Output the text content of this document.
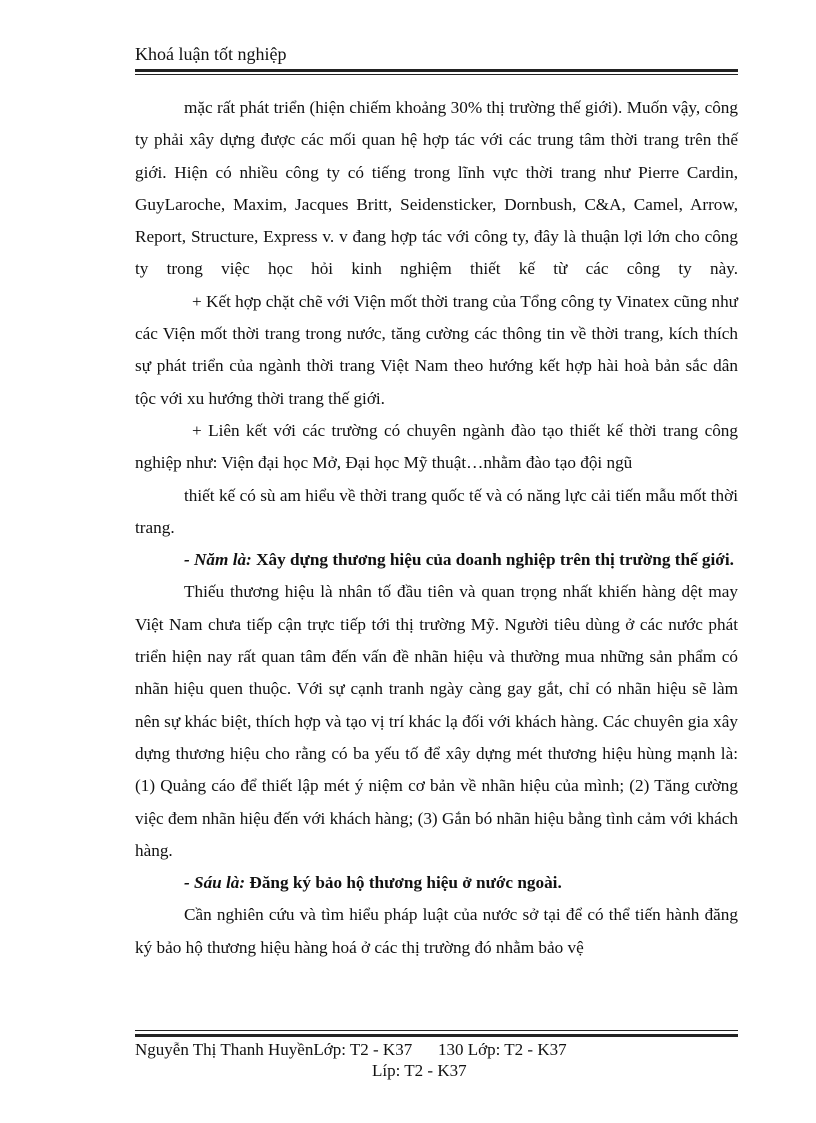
Khoá luận tốt nghiệp

mặc rất phát triển (hiện chiếm khoảng 30% thị trường thế giới). Muốn vậy, công ty phải xây dựng được các mối quan hệ hợp tác với các trung tâm thời trang trên thế giới. Hiện có nhiều công ty có tiếng trong lĩnh vực thời trang như Pierre Cardin, GuyLaroche, Maxim, Jacques Britt, Seidensticker, Dornbush, C&A, Camel, Arrow, Report, Structure, Express v. v đang hợp tác với công ty, đây là thuận lợi lớn cho công ty trong việc học hỏi kinh nghiệm thiết kế từ các công ty này.

+ Kết hợp chặt chẽ với Viện mốt thời trang của Tổng công ty Vinatex cũng như các Viện mốt thời trang trong nước, tăng cường các thông tin về thời trang, kích thích sự phát triển của ngành thời trang Việt Nam theo hướng kết hợp hài hoà bản sắc dân tộc với xu hướng thời trang thế giới.

+ Liên kết với các trường có chuyên ngành đào tạo thiết kế thời trang công nghiệp như: Viện đại học Mở, Đại học Mỹ thuật…nhằm đào tạo đội ngũ

thiết kế có sù am hiểu về thời trang quốc tế và có năng lực cải tiến mẫu mốt thời trang.

- Năm là: Xây dựng thương hiệu của doanh nghiệp trên thị trường thế giới.

Thiếu thương hiệu là nhân tố đầu tiên và quan trọng nhất khiến hàng dệt may Việt Nam chưa tiếp cận trực tiếp tới thị trường Mỹ. Người tiêu dùng ở các nước phát triển hiện nay rất quan tâm đến vấn đề nhãn hiệu và thường mua những sản phẩm có nhãn hiệu quen thuộc. Với sự cạnh tranh ngày càng gay gắt, chỉ có nhãn hiệu sẽ làm nên sự khác biệt, thích hợp và tạo vị trí khác lạ đối với khách hàng. Các chuyên gia xây dựng thương hiệu cho rằng có ba yếu tố để xây dựng mét thương hiệu hùng mạnh là: (1) Quảng cáo để thiết lập mét ý niệm cơ bản về nhãn hiệu của mình; (2) Tăng cường việc đem nhãn hiệu đến với khách hàng; (3) Gắn bó nhãn hiệu bằng tình cảm với khách hàng.

- Sáu là: Đăng ký bảo hộ thương hiệu ở nước ngoài.

Cần nghiên cứu và tìm hiểu pháp luật của nước sở tại để có thể tiến hành đăng ký bảo hộ thương hiệu hàng hoá ở các thị trường đó nhằm bảo vệ

Nguyễn Thị Thanh HuyềnLớp: T2 - K37 130 Lớp: T2 - K37
Líp: T2 - K37
